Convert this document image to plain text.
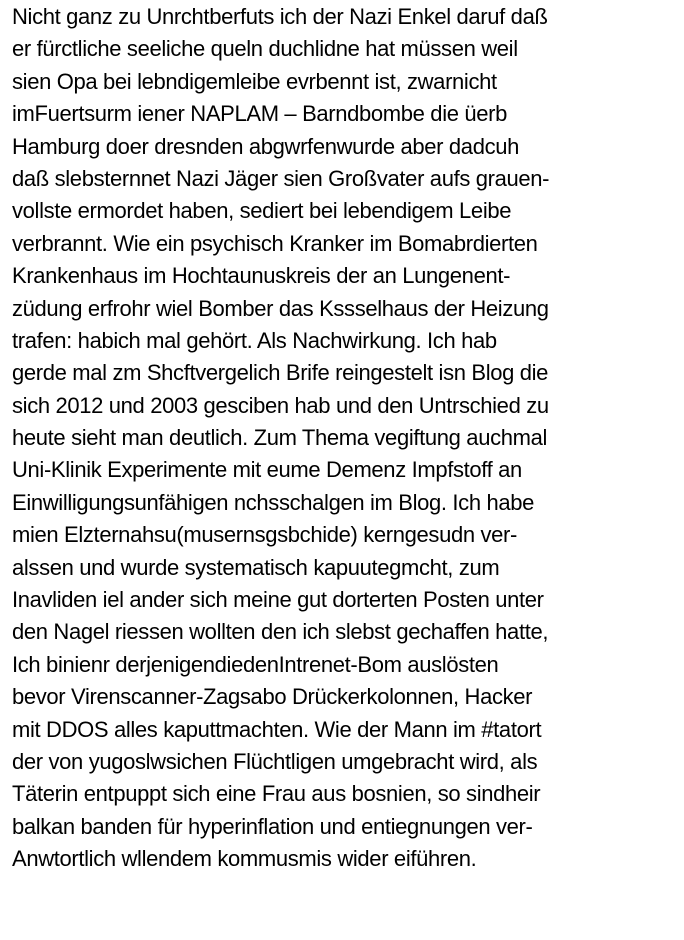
Nicht ganz zu Unrchtberfuts ich der Nazi Enkel daruf daß
er fürctliche seeliche queln duchlidne hat müssen weil
sien Opa bei lebndigemleibe evrbennt ist, zwarnicht
imFuertsurm iener NAPLAM – Barndbombe die üerb
Hamburg doer dresnden abgwrfenwurde aber dadcuh
daß slebsternnet Nazi Jäger sien Großvater aufs grauen-
vollste ermordet haben, sediert bei lebendigem Leibe
verbrannt. Wie ein psychisch Kranker im Bomabrdierten
Krankenhaus im Hochtaunuskreis der an Lungenent-
züdung erfrohr wiel Bomber das Kssselhaus der Heizung
trafen: habich mal gehört. Als Nachwirkung. Ich hab
gerde mal zm Shcftvergelich Brife reingestelt isn Blog die
sich 2012 und 2003 gesciben hab und den Untrschied zu
heute sieht man deutlich. Zum Thema vegiftung auchmal
Uni-Klinik Experimente mit eume Demenz Impfstoff an
Einwilligungsunfähigen nchsschalgen im Blog. Ich habe
mien Elzternahsu(musernsgsbchide) kerngesudn ver-
alssen und wurde systematisch kapuutegmcht, zum
Inavliden iel ander sich meine gut dorterten Posten unter
den Nagel riessen wollten den ich slebst gechaffen hatte,
Ich binienr derjenigendiedenIntrenet-Bom auslösten
bevor Virenscanner-Zagsabo Drückerkolonnen, Hacker
mit DDOS alles kaputtmachten. Wie der Mann im #tatort
der von yugoslwsichen Flüchtligen umgebracht wird, als
Täterin entpuppt sich eine Frau aus bosnien, so sindheir
balkan banden für hyperinflation und entiegnungen ver-
Anwtortlich wllendem kommusmis wider eiführen.
